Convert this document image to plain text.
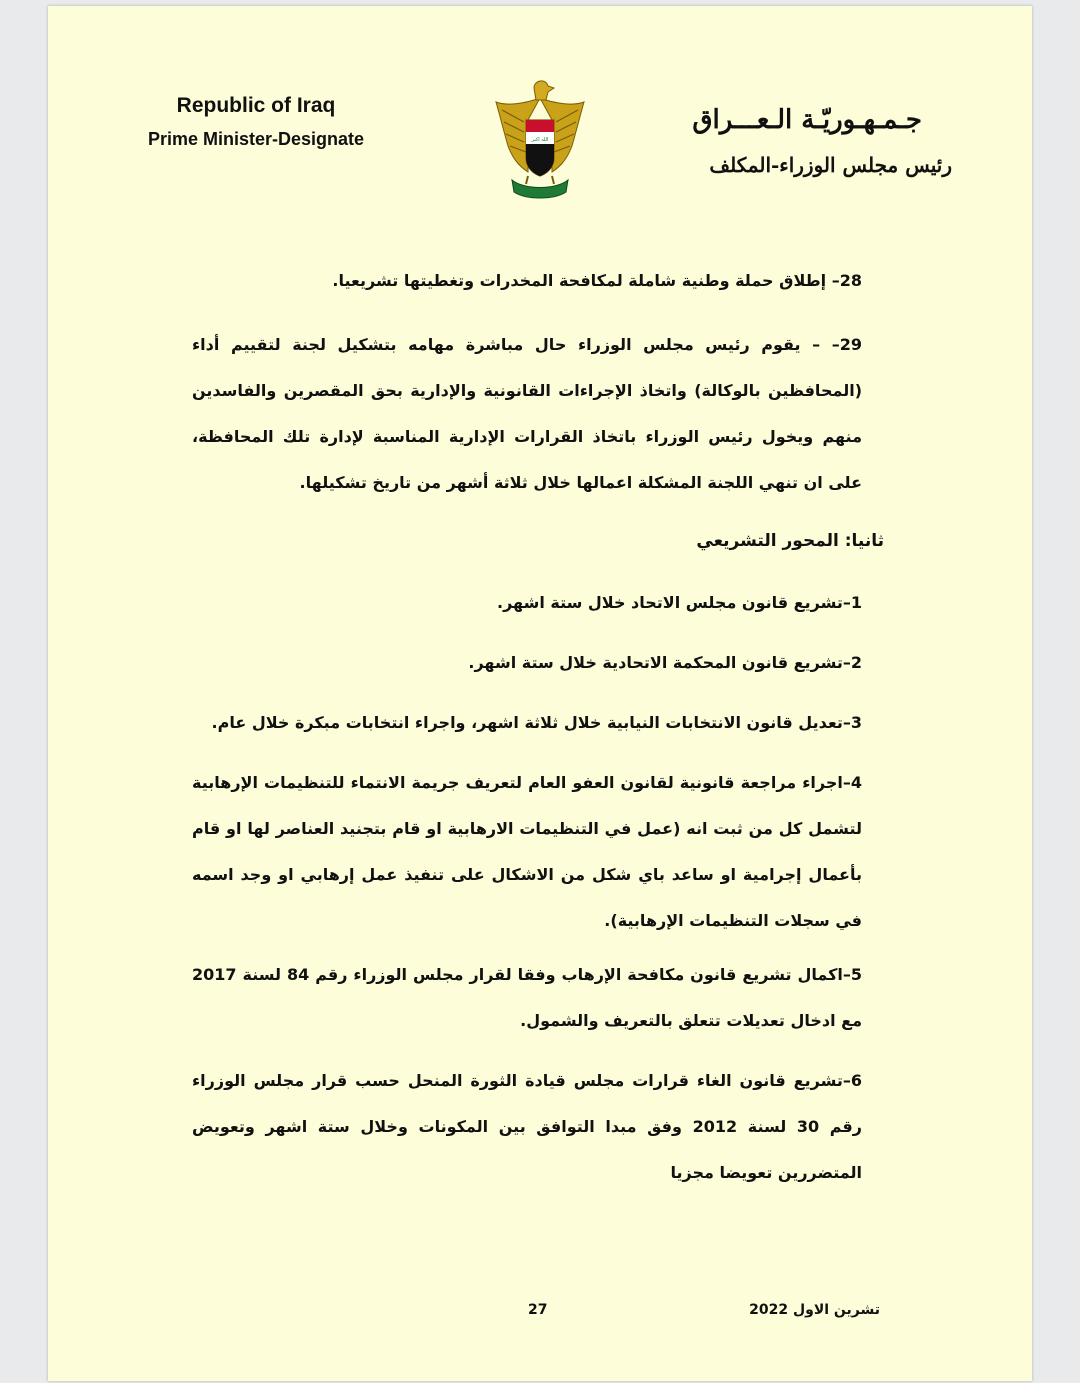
Republic of Iraq
Prime Minister-Designate	الله اكبر
جـمـهـوريّـة الـعـــراق
رئيس مجلس الوزراء-المكلف
28– إطلاق حملة وطنية شاملة لمكافحة المخدرات وتغطيتها تشريعيا.
29– – يقوم رئيس مجلس الوزراء حال مباشرة مهامه بتشكيل لجنة لتقييم أداء (المحافظين بالوكالة) واتخاذ الإجراءات القانونية والإدارية بحق المقصرين والفاسدين منهم ويخول رئيس الوزراء باتخاذ القرارات الإدارية المناسبة لإدارة تلك المحافظة، على ان تنهي اللجنة المشكلة اعمالها خلال ثلاثة أشهر من تاريخ تشكيلها.
ثانيا: المحور التشريعي
1–تشريع قانون مجلس الاتحاد خلال ستة اشهر.
2–تشريع قانون المحكمة الاتحادية خلال ستة اشهر.
3–تعديل قانون الانتخابات النيابية خلال ثلاثة اشهر، واجراء انتخابات مبكرة خلال عام.
4–اجراء مراجعة قانونية لقانون العفو العام لتعريف جريمة الانتماء للتنظيمات الإرهابية لتشمل كل من ثبت انه (عمل في التنظيمات الارهابية او قام بتجنيد العناصر لها او قام بأعمال إجرامية او ساعد باي شكل من الاشكال على تنفيذ عمل إرهابي او وجد اسمه في سجلات التنظيمات الإرهابية).
5–اكمال تشريع قانون مكافحة الإرهاب وفقا لقرار مجلس الوزراء رقم 84 لسنة 2017 مع ادخال تعديلات تتعلق بالتعريف والشمول.
6–تشريع قانون الغاء قرارات مجلس قيادة الثورة المنحل حسب قرار مجلس الوزراء رقم 30 لسنة 2012 وفق مبدا التوافق بين المكونات وخلال ستة اشهر وتعويض المتضررين تعويضا مجزيا
27	تشرين الاول 2022
